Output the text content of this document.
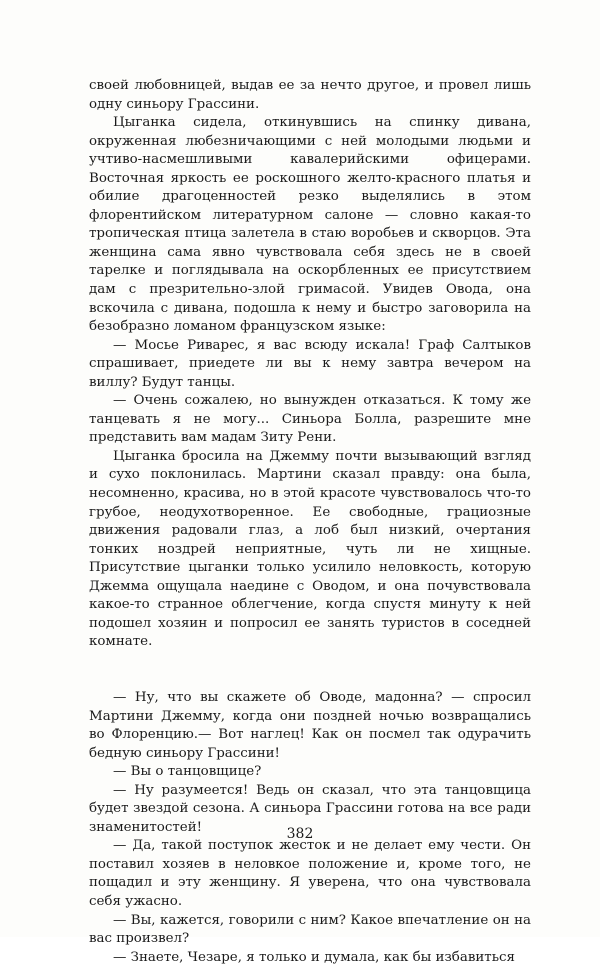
своей любовницей, выдав ее за нечто другое, и провел лишь одну синьору Грассини.

Цыганка сидела, откинувшись на спинку дивана, окруженная любезничающими с ней молодыми людьми и учтиво-насмешливыми кавалерийскими офицерами. Восточная яркость ее роскошного желто-красного платья и обилие драгоценностей резко выделялись в этом флорентийском литературном салоне — словно какая-то тропическая птица залетела в стаю воробьев и скворцов. Эта женщина сама явно чувствовала себя здесь не в своей тарелке и поглядывала на оскорбленных ее присутствием дам с презрительно-злой гримасой. Увидев Овода, она вскочила с дивана, подошла к нему и быстро заговорила на безобразно ломаном французском языке:

— Мосье Риварес, я вас всюду искала! Граф Салтыков спрашивает, приедете ли вы к нему завтра вечером на виллу? Будут танцы.

— Очень сожалею, но вынужден отказаться. К тому же танцевать я не могу... Синьора Болла, разрешите мне представить вам мадам Зиту Рени.

Цыганка бросила на Джемму почти вызывающий взгляд и сухо поклонилась. Мартини сказал правду: она была, несомненно, красива, но в этой красоте чувствовалось что-то грубое, неодухотворенное. Ее свободные, грациозные движения радовали глаз, а лоб был низкий, очертания тонких ноздрей неприятные, чуть ли не хищные. Присутствие цыганки только усилило неловкость, которую Джемма ощущала наедине с Оводом, и она почувствовала какое-то странное облегчение, когда спустя минуту к ней подошел хозяин и попросил ее занять туристов в соседней комнате.

— Ну, что вы скажете об Оводе, мадонна? — спросил Мартини Джемму, когда они поздней ночью возвращались во Флоренцию.— Вот наглец! Как он посмел так одурачить бедную синьору Грассини!

— Вы о танцовщице?

— Ну разумеется! Ведь он сказал, что эта танцовщица будет звездой сезона. А синьора Грассини готова на все ради знаменитостей!

— Да, такой поступок жесток и не делает ему чести. Он поставил хозяев в неловкое положение и, кроме того, не пощадил и эту женщину. Я уверена, что она чувствовала себя ужасно.

— Вы, кажется, говорили с ним? Какое впечатление он на вас произвел?

— Знаете, Чезаре, я только и думала, как бы избавиться

382
